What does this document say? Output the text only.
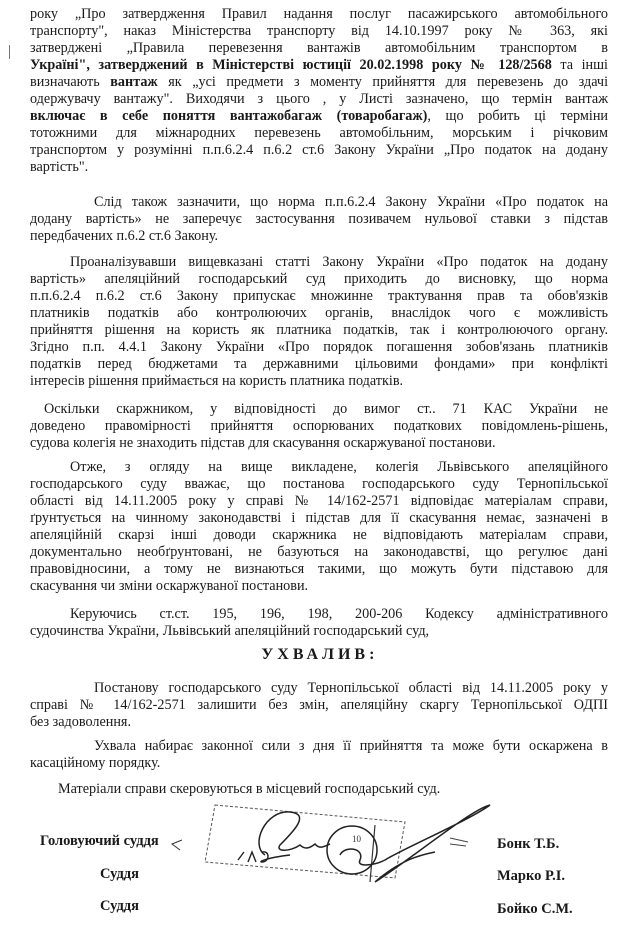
року „Про затвердження Правил надання послуг пасажирського автомобільного
транспорту", наказ Міністерства транспорту від 14.10.1997 року № 363, які
затверджені „Правила перевезення вантажів автомобільним транспортом в
Україні", затверджений в Міністерстві юстиції 20.02.1998 року № 128/2568 та інші
визначають вантаж як „усі предмети з моменту прийняття для перевезень до здачі
одержувачу вантажу". Виходячи з цього , у Листі зазначено, що термін вантаж
включає в себе поняття вантажобагаж (товаробагаж), що робить ці терміни
тотожними для міжнародних перевезень автомобільним, морським і річковим
транспортом у розумінні п.п.6.2.4 п.6.2 ст.6 Закону України „Про податок на додану
вартість".
Слід також зазначити, що норма п.п.6.2.4 Закону України «Про податок на
додану вартість» не заперечує застосування позивачем нульової ставки з підстав
передбачених п.6.2 ст.6 Закону.
Проаналізувавши вищевказані статті Закону України «Про податок на додану
вартість» апеляційний господарський суд приходить до висновку, що норма
п.п.6.2.4 п.6.2 ст.6 Закону припускає множинне трактування прав та обов'язків
платників податків або контролюючих органів, внаслідок чого є можливість
прийняття рішення на користь як платника податків, так і контролюючого органу.
Згідно п.п. 4.4.1 Закону України «Про порядок погашення зобов'язань платників
податків перед бюджетами та державними цільовими фондами» при конфлікті
інтересів рішення приймається на користь платника податків.
Оскільки скаржником, у відповідності до вимог ст.. 71 КАС України не
доведено правомірності прийняття оспорюваних податкових повідомлень-рішень,
судова колегія не знаходить підстав для скасування оскаржуваної постанови.
Отже, з огляду на вище викладене, колегія Львівського апеляційного
господарського суду вважає, що постанова господарського суду Тернопільської
області від 14.11.2005 року у справі № 14/162-2571 відповідає матеріалам справи,
ґрунтується на чинному законодавстві і підстав для її скасування немає, зазначені в
апеляційній скарзі інші доводи скаржника не відповідають матеріалам справи,
документально необґрунтовані, не базуються на законодавстві, що регулює дані
правовідносини, а тому не визнаються такими, що можуть бути підставою для
скасування чи зміни оскаржуваної постанови.
Керуючись ст.ст. 195, 196, 198, 200-206 Кодексу адміністративного
судочинства України, Львівський апеляційний господарський суд,
УХВАЛИВ:
Постанову господарського суду Тернопільської області від 14.11.2005 року у
справі № 14/162-2571 залишити без змін, апеляційну скаргу Тернопільської ОДПІ
без задоволення.
Ухвала набирає законної сили з дня її прийняття та може бути оскаржена в
касаційному порядку.
Матеріали справи скеровуються в місцевий господарський суд.
Головуючий суддя
Суддя
Суддя
Бонк Т.Б.
Марко Р.І.
Бойко С.М.
10
17.0
